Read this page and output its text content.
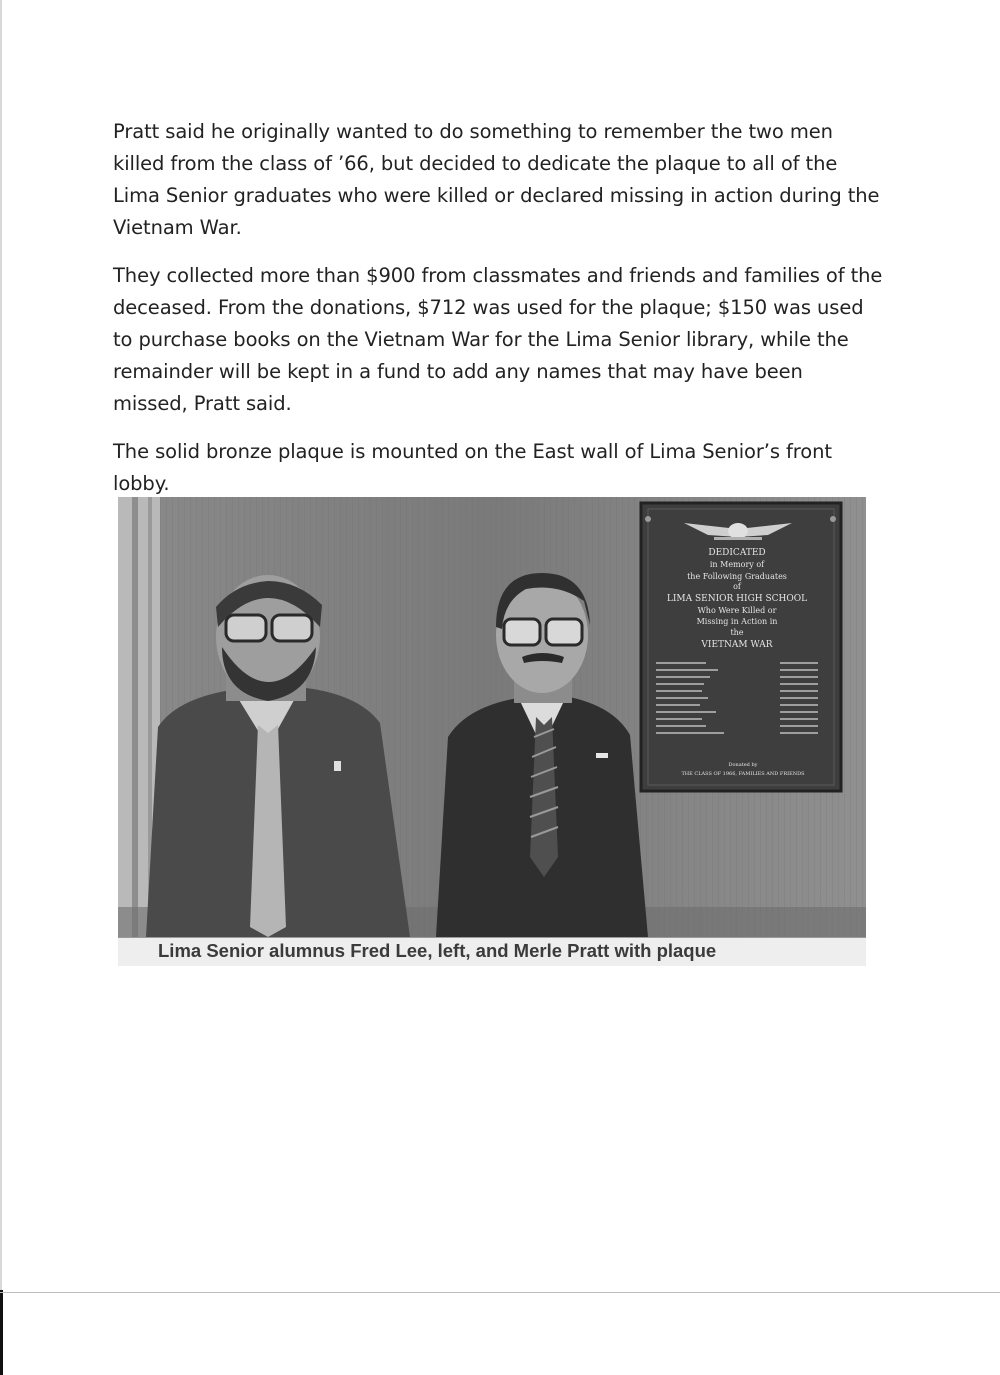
Pratt said he originally wanted to do something to remember the two men killed from the class of ’66, but decided to dedicate the plaque to all of the Lima Senior graduates who were killed or declared missing in action during the Vietnam War.

They collected more than $900 from classmates and friends and families of the deceased. From the donations, $712 was used for the plaque; $150 was used to purchase books on the Vietnam War for the Lima Senior library, while the remainder will be kept in a fund to add any names that may have been missed, Pratt said.

The solid bronze plaque is mounted on the East wall of Lima Senior’s front lobby.

DEDICATED
in Memory of
the Following Graduates
of
LIMA SENIOR HIGH SCHOOL
Who Were Killed or
Missing in Action in
the
VIETNAM WAR
Donated by
THE CLASS OF 1966, FAMILIES AND FRIENDS
Lima Senior alumnus Fred Lee, left, and Merle Pratt with plaque
